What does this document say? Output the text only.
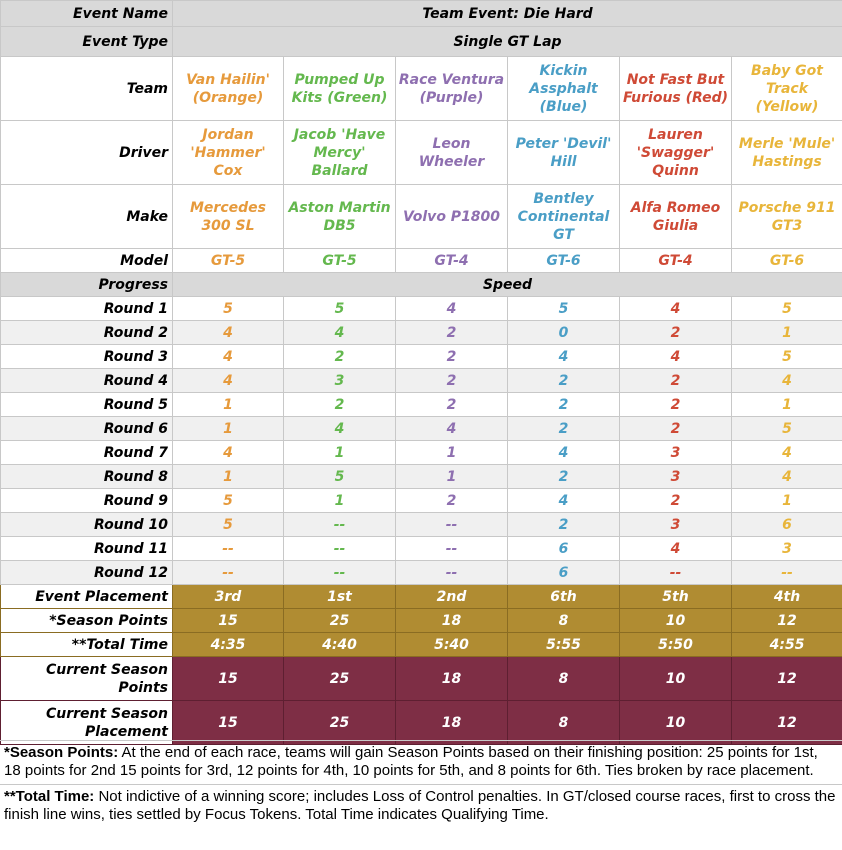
Event Name	Team Event: Die Hard					
Event Type	Single GT Lap					
Team	Van Hailin' (Orange)	Pumped Up Kits (Green)	Race Ventura (Purple)	Kickin Assphalt (Blue)	Not Fast But Furious (Red)	Baby Got Track (Yellow)
Driver	Jordan 'Hammer' Cox	Jacob 'Have Mercy' Ballard	Leon Wheeler	Peter 'Devil' Hill	Lauren 'Swagger' Quinn	Merle 'Mule' Hastings
Make	Mercedes 300 SL	Aston Martin DB5	Volvo P1800	Bentley Continental GT	Alfa Romeo Giulia	Porsche 911 GT3
Model	GT-5	GT-5	GT-4	GT-6	GT-4	GT-6
Progress	Speed					
Round 1	5	5	4	5	4	5
Round 2	4	4	2	0	2	1
Round 3	4	2	2	4	4	5
Round 4	4	3	2	2	2	4
Round 5	1	2	2	2	2	1
Round 6	1	4	4	2	2	5
Round 7	4	1	1	4	3	4
Round 8	1	5	1	2	3	4
Round 9	5	1	2	4	2	1
Round 10	5	--	--	2	3	6
Round 11	--	--	--	6	4	3
Round 12	--	--	--	6	--	--
Event Placement	3rd	1st	2nd	6th	5th	4th
*Season Points	15	25	18	8	10	12
**Total Time	4:35	4:40	5:40	5:55	5:50	4:55
Current Season Points	15	25	18	8	10	12
Current Season Placement	15	25	18	8	10	12
*Season Points: At the end of each race, teams will gain Season Points based on their finishing position: 25 points for 1st, 18 points for 2nd 15 points for 3rd, 12 points for 4th, 10 points for 5th, and 8 points for 6th. Ties broken by race placement.
**Total Time: Not indictive of a winning score; includes Loss of Control penalties. In GT/closed course races, first to cross the finish line wins, ties settled by Focus Tokens. Total Time indicates Qualifying Time.
